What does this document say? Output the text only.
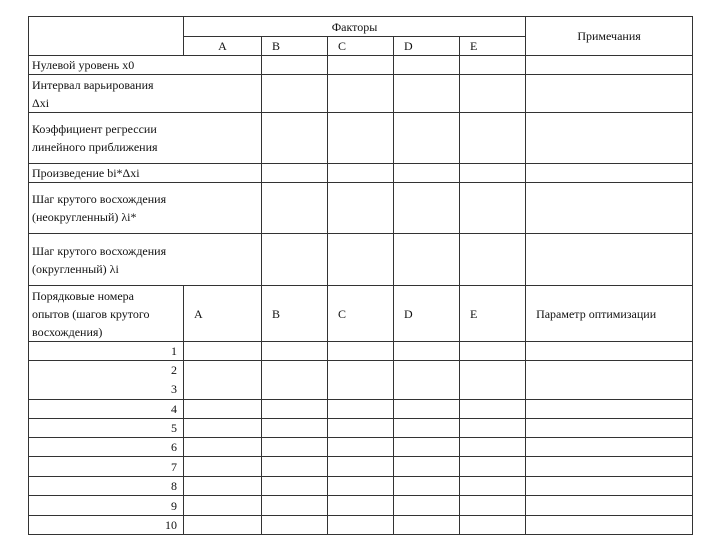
	Факторы					Примечания
	A	B	C	D	E	
Нулевой уровень x0						

Интервал варьирования
Δxi						

Коэффициент регрессии
линейного приближения						

Произведение bi*Δxi						

Шаг крутого восхождения
(неокругленный) λi*						

Шаг крутого восхождения
(округленный) λi						

Порядковые номера
опытов (шагов крутого
восхождения)	A	B	C	D	E	Параметр оптимизации
1						

2
3						

4						
5						
6						
7						
8						
9						
10						
